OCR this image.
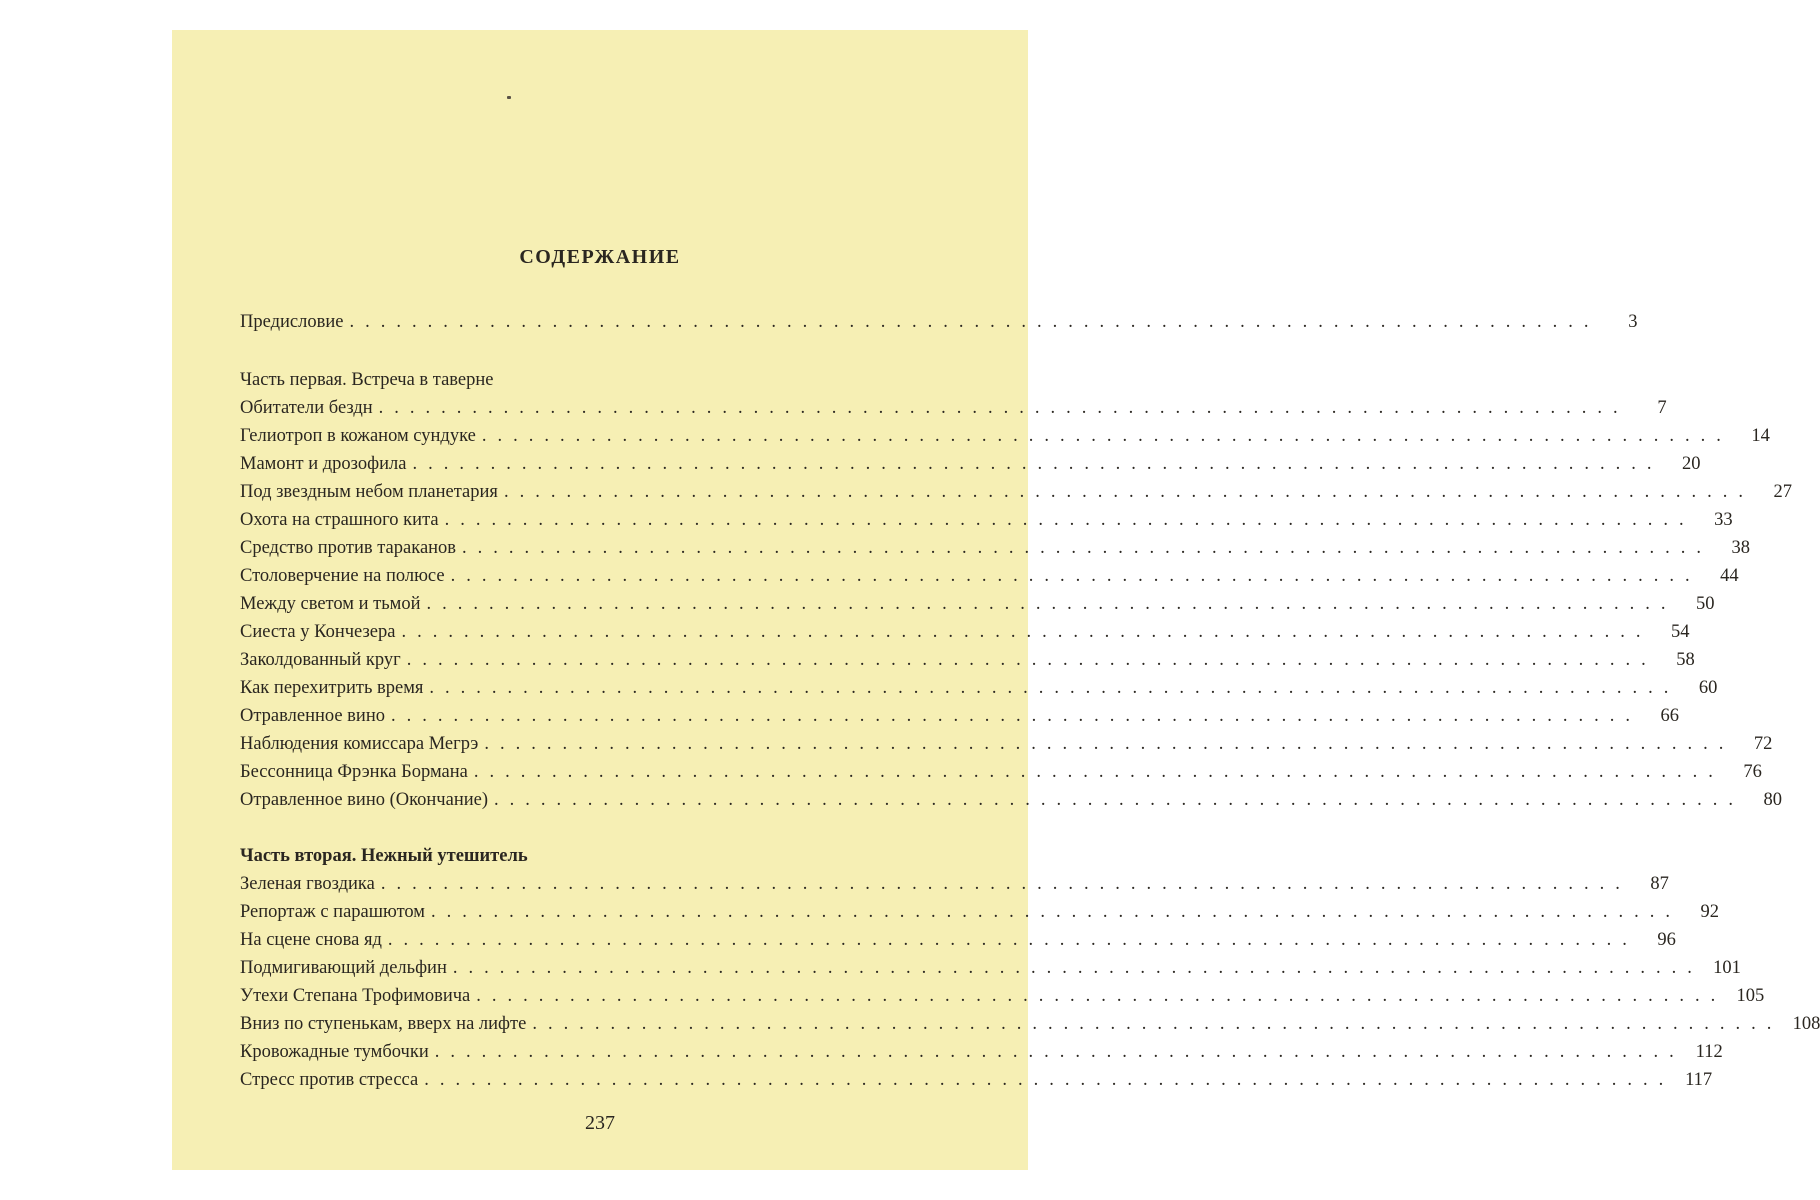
СОДЕРЖАНИЕ
Предисловие ................................................................................	3
Часть первая. Встреча в таверне
Обитатели бездн ................................................................................	7
Гелиотроп в кожаном сундуке ................................................................................	14
Мамонт и дрозофила ................................................................................	20
Под звездным небом планетария ................................................................................	27
Охота на страшного кита ................................................................................	33
Средство против тараканов ................................................................................	38
Столоверчение на полюсе ................................................................................	44
Между светом и тьмой ................................................................................	50
Сиеста у Кончезера ................................................................................	54
Заколдованный круг ................................................................................	58
Как перехитрить время ................................................................................	60
Отравленное вино ................................................................................	66
Наблюдения комиссара Мегрэ ................................................................................	72
Бессонница Фрэнка Бормана ................................................................................	76
Отравленное вино (Окончание) ................................................................................	80
Часть вторая. Нежный утешитель
Зеленая гвоздика ................................................................................	87
Репортаж с парашютом ................................................................................	92
На сцене снова яд ................................................................................	96
Подмигивающий дельфин ................................................................................ 101
Утехи Степана Трофимовича ................................................................................ 105
Вниз по ступенькам, вверх на лифте ................................................................................ 108
Кровожадные тумбочки ................................................................................ 112
Стресс против стресса ................................................................................ 117
237
